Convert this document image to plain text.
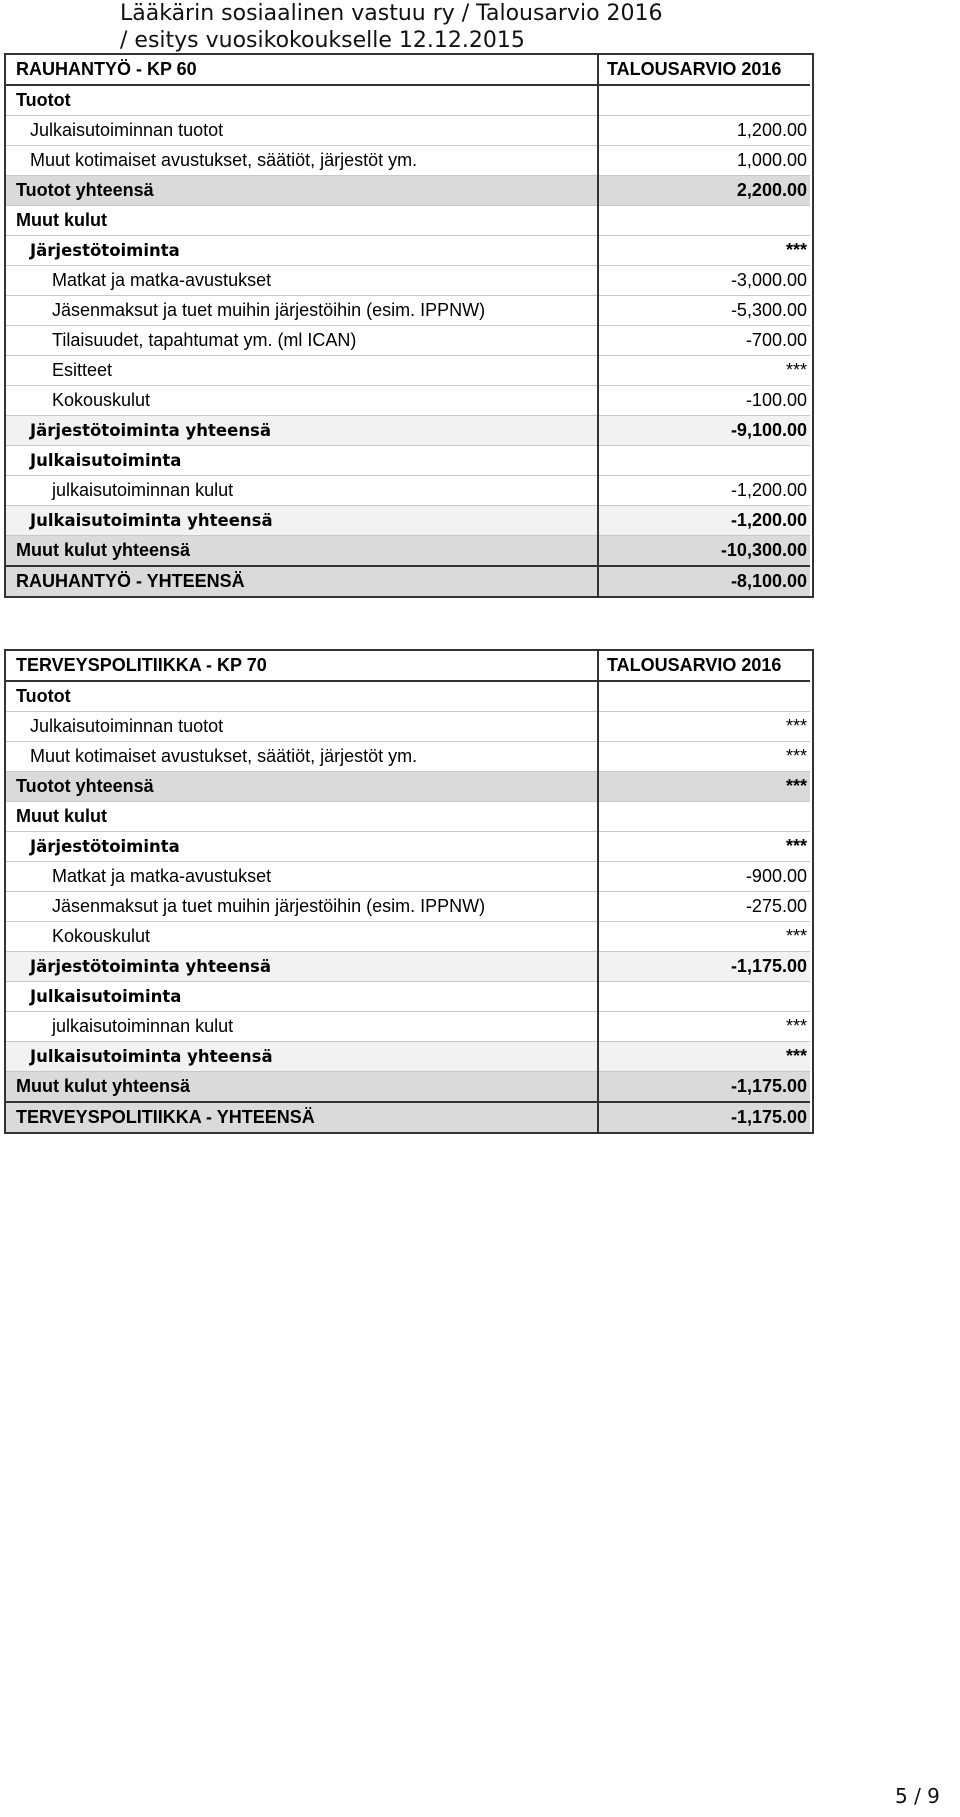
Lääkärin sosiaalinen vastuu ry / Talousarvio 2016
/ esitys vuosikokoukselle 12.12.2015
RAUHANTYÖ - KP 60	TALOUSARVIO 2016
Tuotot	
Julkaisutoiminnan tuotot	1,200.00
Muut kotimaiset avustukset, säätiöt, järjestöt ym.	1,000.00
Tuotot yhteensä	2,200.00
Muut kulut	
Järjestötoiminta	***
Matkat ja matka-avustukset	-3,000.00
Jäsenmaksut ja tuet muihin järjestöihin (esim. IPPNW)	-5,300.00
Tilaisuudet, tapahtumat ym. (ml ICAN)	-700.00
Esitteet	***
Kokouskulut	-100.00
Järjestötoiminta yhteensä	-9,100.00
Julkaisutoiminta	
julkaisutoiminnan kulut	-1,200.00
Julkaisutoiminta yhteensä	-1,200.00
Muut kulut yhteensä	-10,300.00
RAUHANTYÖ - YHTEENSÄ	-8,100.00
TERVEYSPOLITIIKKA - KP 70	TALOUSARVIO 2016
Tuotot	
Julkaisutoiminnan tuotot	***
Muut kotimaiset avustukset, säätiöt, järjestöt ym.	***
Tuotot yhteensä	***
Muut kulut	
Järjestötoiminta	***
Matkat ja matka-avustukset	-900.00
Jäsenmaksut ja tuet muihin järjestöihin (esim. IPPNW)	-275.00
Kokouskulut	***
Järjestötoiminta yhteensä	-1,175.00
Julkaisutoiminta	
julkaisutoiminnan kulut	***
Julkaisutoiminta yhteensä	***
Muut kulut yhteensä	-1,175.00
TERVEYSPOLITIIKKA - YHTEENSÄ	-1,175.00
5 / 9
